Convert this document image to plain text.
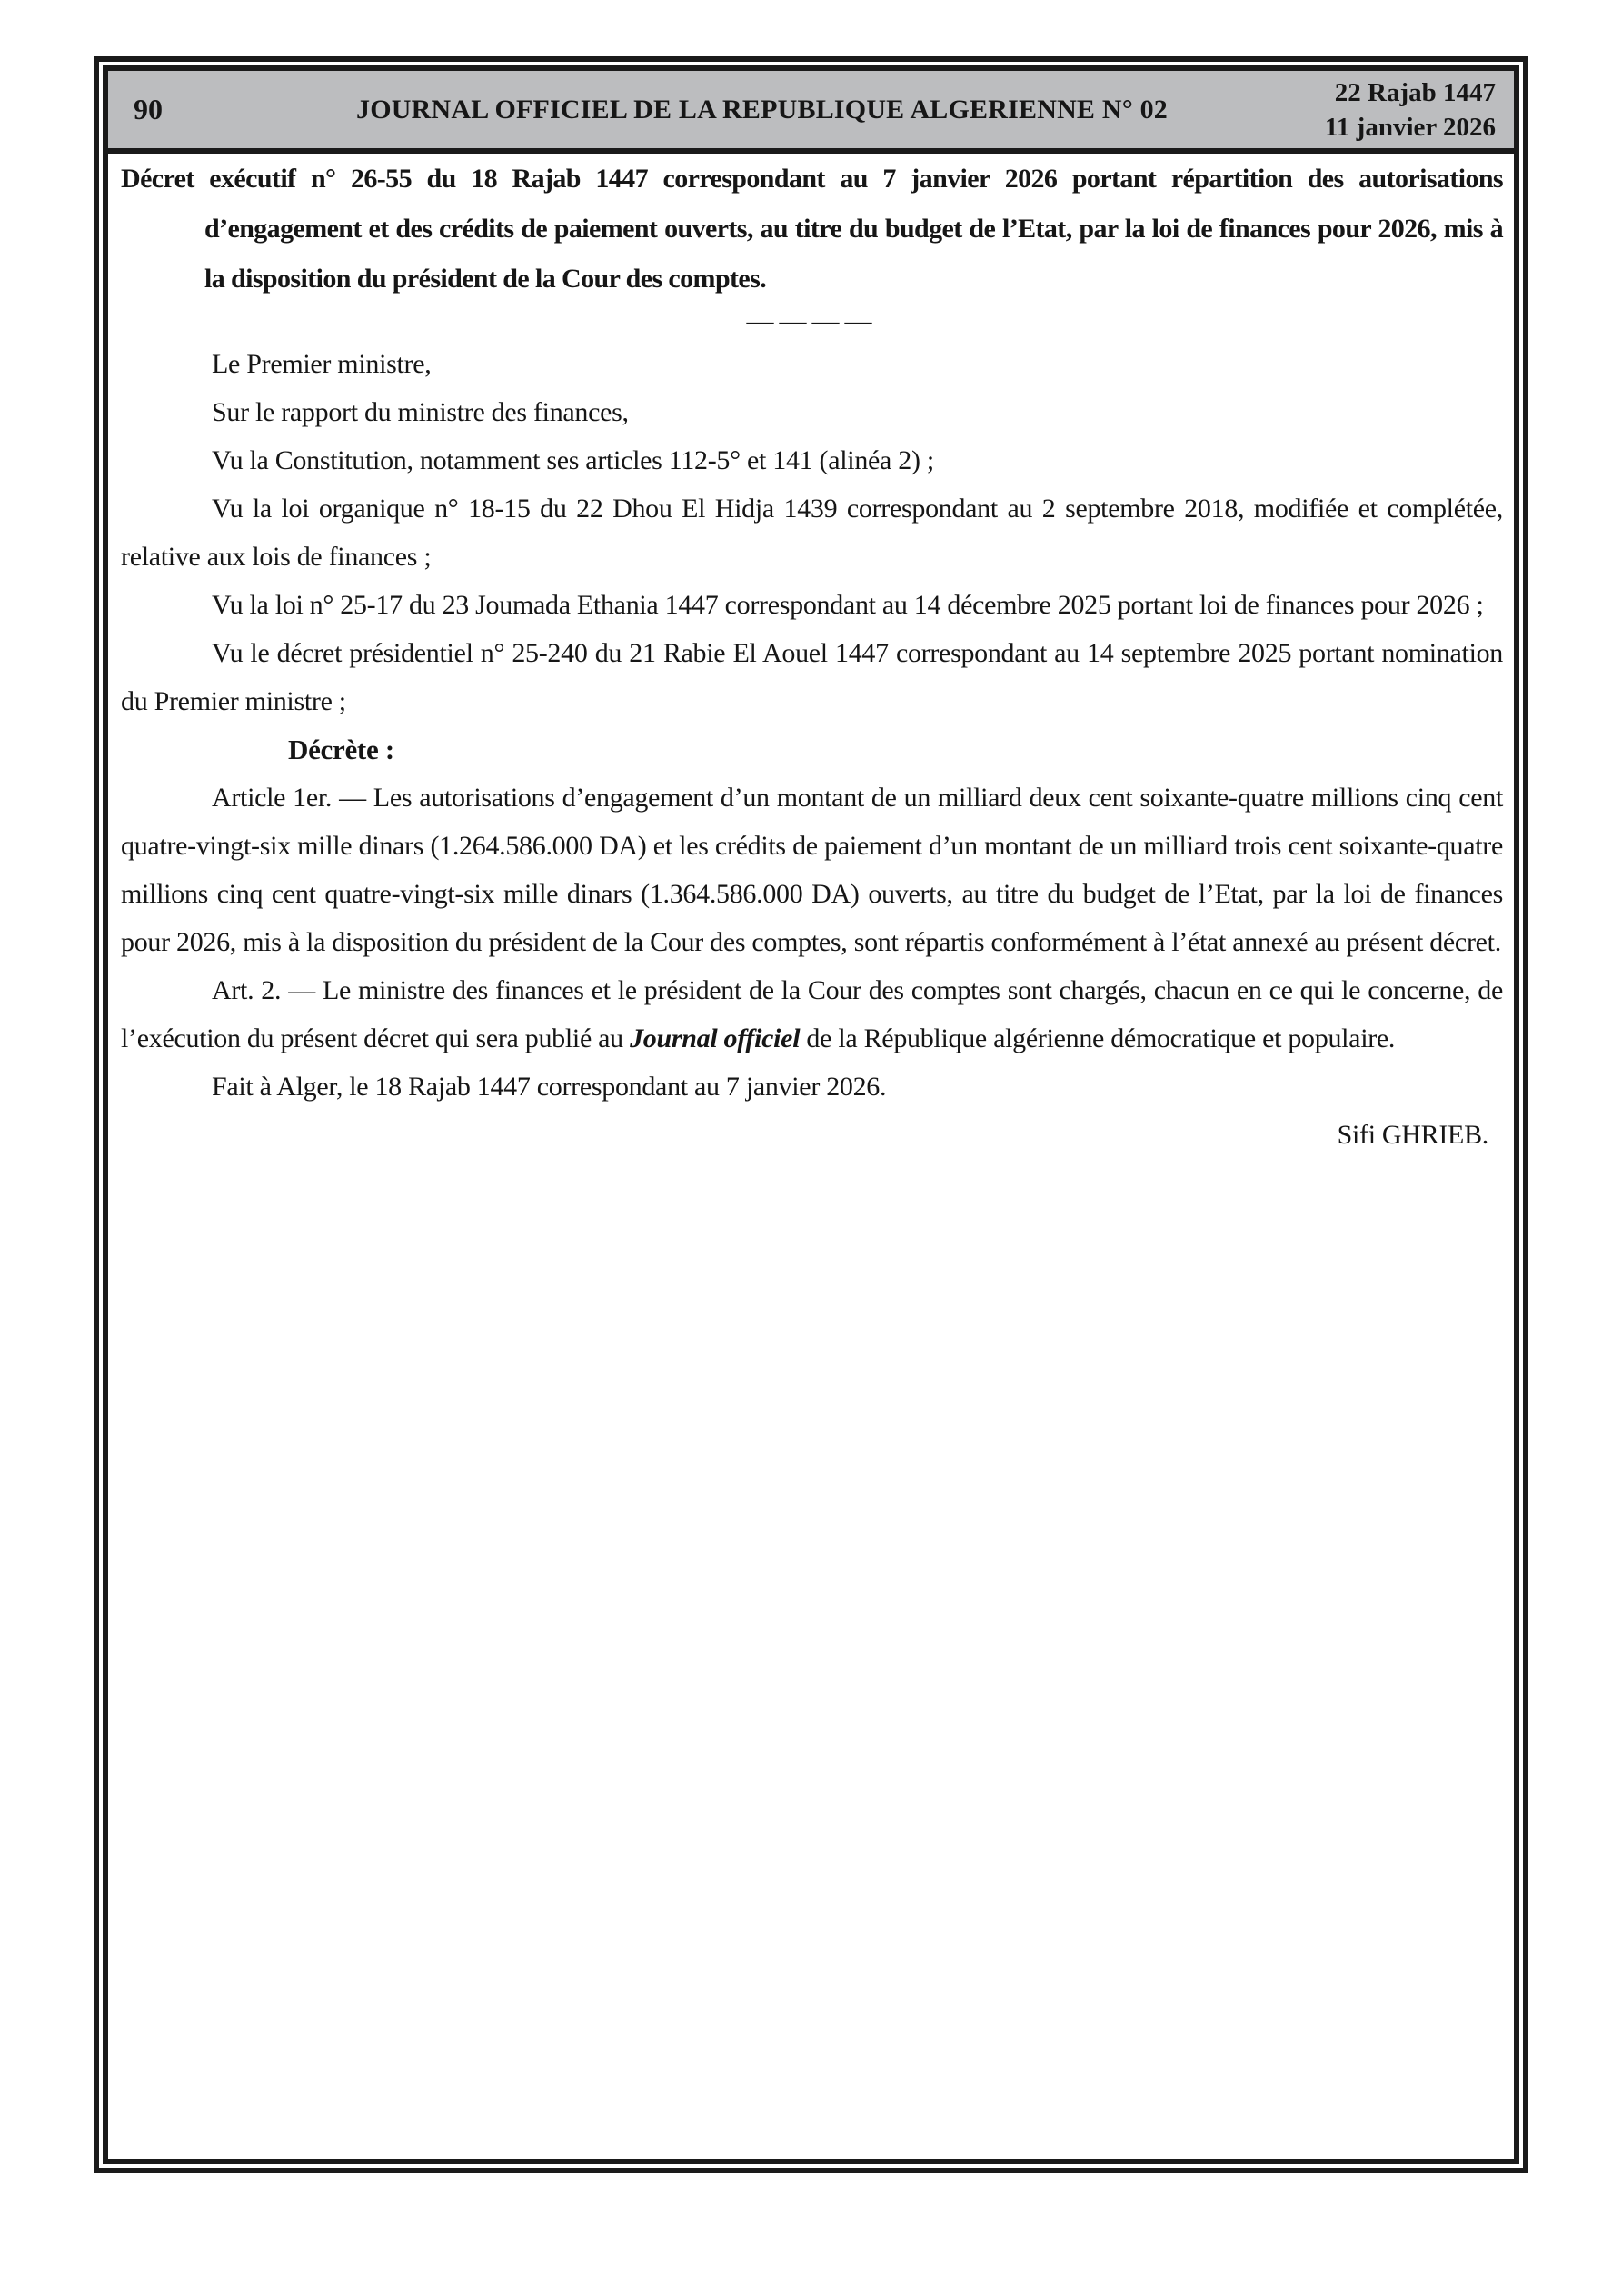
90	JOURNAL OFFICIEL DE LA REPUBLIQUE ALGERIENNE N° 02
22 Rajab 1447
11 janvier 2026

Décret exécutif n° 26-55 du 18 Rajab 1447 correspondant au 7 janvier 2026 portant répartition des autorisations d’engagement et des crédits de paiement ouverts, au titre du budget de l’Etat, par la loi de finances pour 2026, mis à la disposition du président de la Cour des comptes.

————

Le Premier ministre,

Sur le rapport du ministre des finances,

Vu la Constitution, notamment ses articles 112-5° et 141 (alinéa 2) ;

Vu la loi organique n° 18-15 du 22 Dhou El Hidja 1439 correspondant au 2 septembre 2018, modifiée et complétée, relative aux lois de finances ;

Vu la loi n° 25-17 du 23 Joumada Ethania 1447 correspondant au 14 décembre 2025 portant loi de finances pour 2026 ;

Vu le décret présidentiel n° 25-240 du 21 Rabie El Aouel 1447 correspondant au 14 septembre 2025 portant nomination du Premier ministre ;

Décrète :

Article 1er. — Les autorisations d’engagement d’un montant de un milliard deux cent soixante-quatre millions cinq cent quatre-vingt-six mille dinars (1.264.586.000 DA) et les crédits de paiement d’un montant de un milliard trois cent soixante-quatre millions cinq cent quatre-vingt-six mille dinars (1.364.586.000 DA) ouverts, au titre du budget de l’Etat, par la loi de finances pour 2026, mis à la disposition du président de la Cour des comptes, sont répartis conformément à l’état annexé au présent décret.

Art. 2. — Le ministre des finances et le président de la Cour des comptes sont chargés, chacun en ce qui le concerne, de l’exécution du présent décret qui sera publié au Journal officiel de la République algérienne démocratique et populaire.

Fait à Alger, le 18 Rajab 1447 correspondant au 7 janvier 2026.

Sifi GHRIEB.
